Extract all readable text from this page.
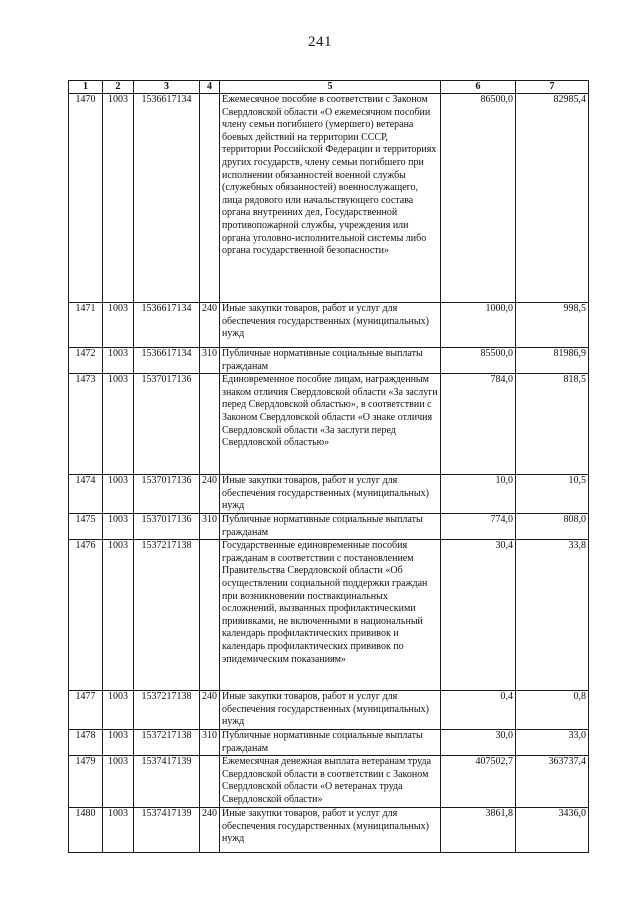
241
1	2	3	4	5	6	7
1470	1003	1536617134		Ежемесячное пособие в соответствии с Законом Свердловской области «О ежемесячном пособии члену семьи погибшего (умершего) ветерана боевых действий на территории СССР, территории Российской Федерации и территориях других государств, члену семьи погибшего при исполнении обязанностей военной службы (служебных обязанностей) военнослужащего, лица рядового или начальствующего состава органа внутренних дел, Государственной противопожарной службы, учреждения или органа уголовно-исполнительной системы либо органа государственной безопасности»	86500,0	82985,4
1471	1003	1536617134	240	Иные закупки товаров, работ и услуг для обеспечения государственных (муниципальных) нужд	1000,0	998,5
1472	1003	1536617134	310	Публичные нормативные социальные выплаты гражданам	85500,0	81986,9
1473	1003	1537017136		Единовременное пособие лицам, награжденным знаком отличия Свердловской области «За заслуги перед Свердловской областью», в соответствии с Законом Свердловской области «О знаке отличия Свердловской области «За заслуги перед Свердловской областью»	784,0	818,5
1474	1003	1537017136	240	Иные закупки товаров, работ и услуг для обеспечения государственных (муниципальных) нужд	10,0	10,5
1475	1003	1537017136	310	Публичные нормативные социальные выплаты гражданам	774,0	808,0
1476	1003	1537217138		Государственные единовременные пособия гражданам в соответствии с постановлением Правительства Свердловской области «Об осуществлении социальной поддержки граждан при возникновении поствакцинальных осложнений, вызванных профилактическими прививками, не включенными в национальный календарь профилактических прививок и календарь профилактических прививок по эпидемическим показаниям»	30,4	33,8
1477	1003	1537217138	240	Иные закупки товаров, работ и услуг для обеспечения государственных (муниципальных) нужд	0,4	0,8
1478	1003	1537217138	310	Публичные нормативные социальные выплаты гражданам	30,0	33,0
1479	1003	1537417139		Ежемесячная денежная выплата ветеранам труда Свердловской области в соответствии с Законом Свердловской области «О ветеранах труда Свердловской области»	407502,7	363737,4
1480	1003	1537417139	240	Иные закупки товаров, работ и услуг для обеспечения государственных (муниципальных) нужд	3861,8	3436,0
